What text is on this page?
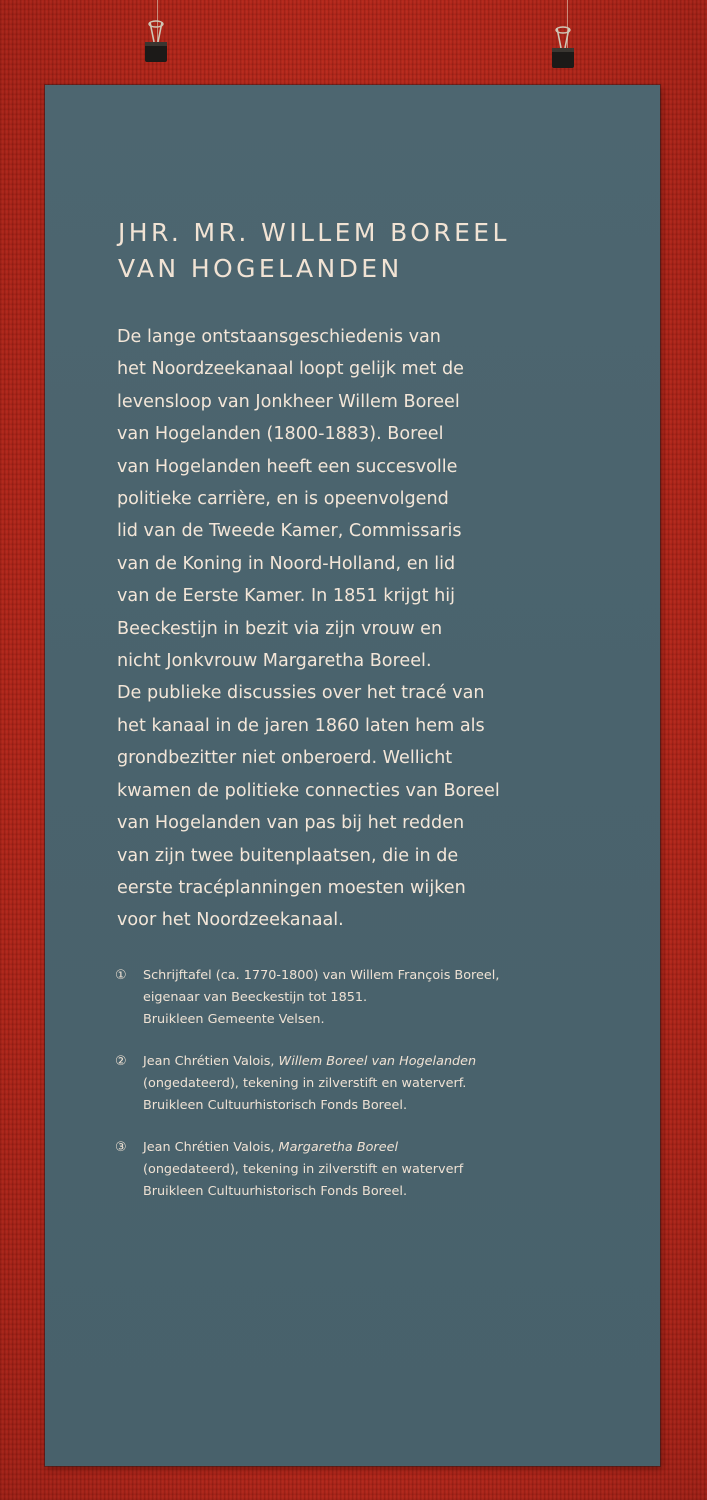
JHR. MR. WILLEM BOREEL
VAN HOGELANDEN
De lange ontstaansgeschiedenis van
het Noordzeekanaal loopt gelijk met de
levensloop van Jonkheer Willem Boreel
van Hogelanden (1800-1883). Boreel
van Hogelanden heeft een succesvolle
politieke carrière, en is opeenvolgend
lid van de Tweede Kamer, Commissaris
van de Koning in Noord-Holland, en lid
van de Eerste Kamer. In 1851 krijgt hij
Beeckestijn in bezit via zijn vrouw en
nicht Jonkvrouw Margaretha Boreel.
De publieke discussies over het tracé van
het kanaal in de jaren 1860 laten hem als
grondbezitter niet onberoerd. Wellicht
kwamen de politieke connecties van Boreel
van Hogelanden van pas bij het redden
van zijn twee buitenplaatsen, die in de
eerste tracéplanningen moesten wijken
voor het Noordzeekanaal.
① Schrijftafel (ca. 1770-1800) van Willem François Boreel,
eigenaar van Beeckestijn tot 1851.
Bruikleen Gemeente Velsen.
② Jean Chrétien Valois, Willem Boreel van Hogelanden
(ongedateerd), tekening in zilverstift en waterverf.
Bruikleen Cultuurhistorisch Fonds Boreel.
③ Jean Chrétien Valois, Margaretha Boreel
(ongedateerd), tekening in zilverstift en waterverf
Bruikleen Cultuurhistorisch Fonds Boreel.
